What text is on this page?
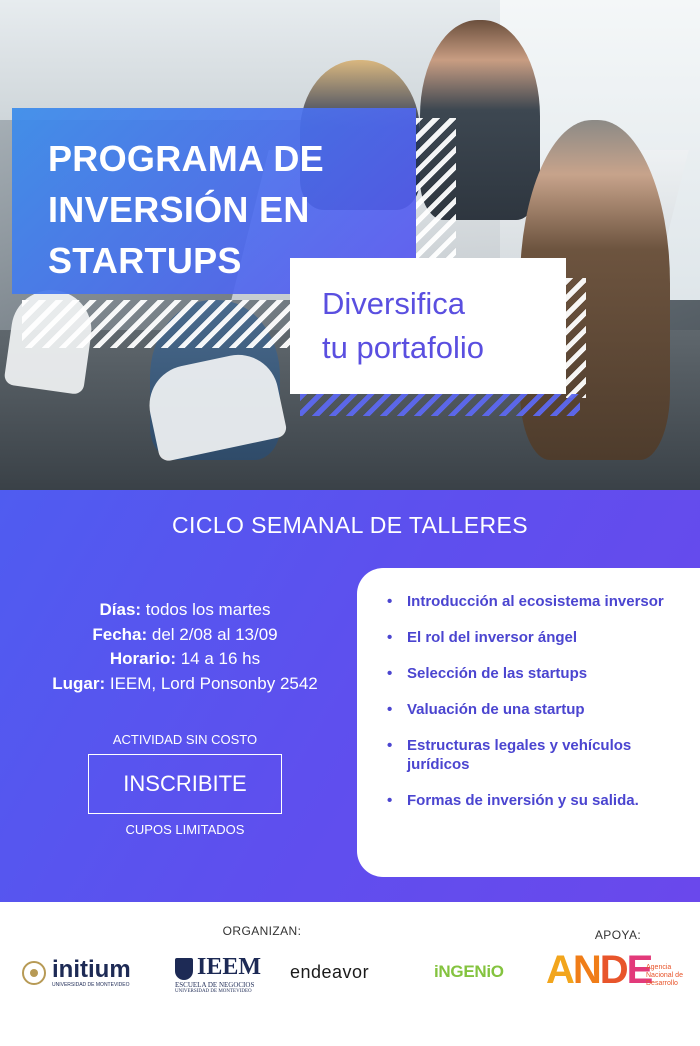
PROGRAMA DE
INVERSIÓN EN
STARTUPS
Diversifica
tu portafolio
CICLO SEMANAL DE TALLERES
Días: todos los martes
Fecha: del 2/08 al 13/09
Horario: 14 a 16 hs
Lugar: IEEM, Lord Ponsonby 2542
ACTIVIDAD SIN COSTO
INSCRIBITE
CUPOS LIMITADOS
• Introducción al ecosistema inversor
• El rol del inversor ángel
• Selección de las startups
• Valuación de una startup
• Estructuras legales y vehículos jurídicos
• Formas de inversión y su salida.
ORGANIZAN:	APOYA:
initium
UNIVERSIDAD DE MONTEVIDEO
IEEM
ESCUELA DE NEGOCIOS
UNIVERSIDAD DE MONTEVIDEO
endeavor	iNGENiO ANDE
Agencia Nacional de Desarrollo
